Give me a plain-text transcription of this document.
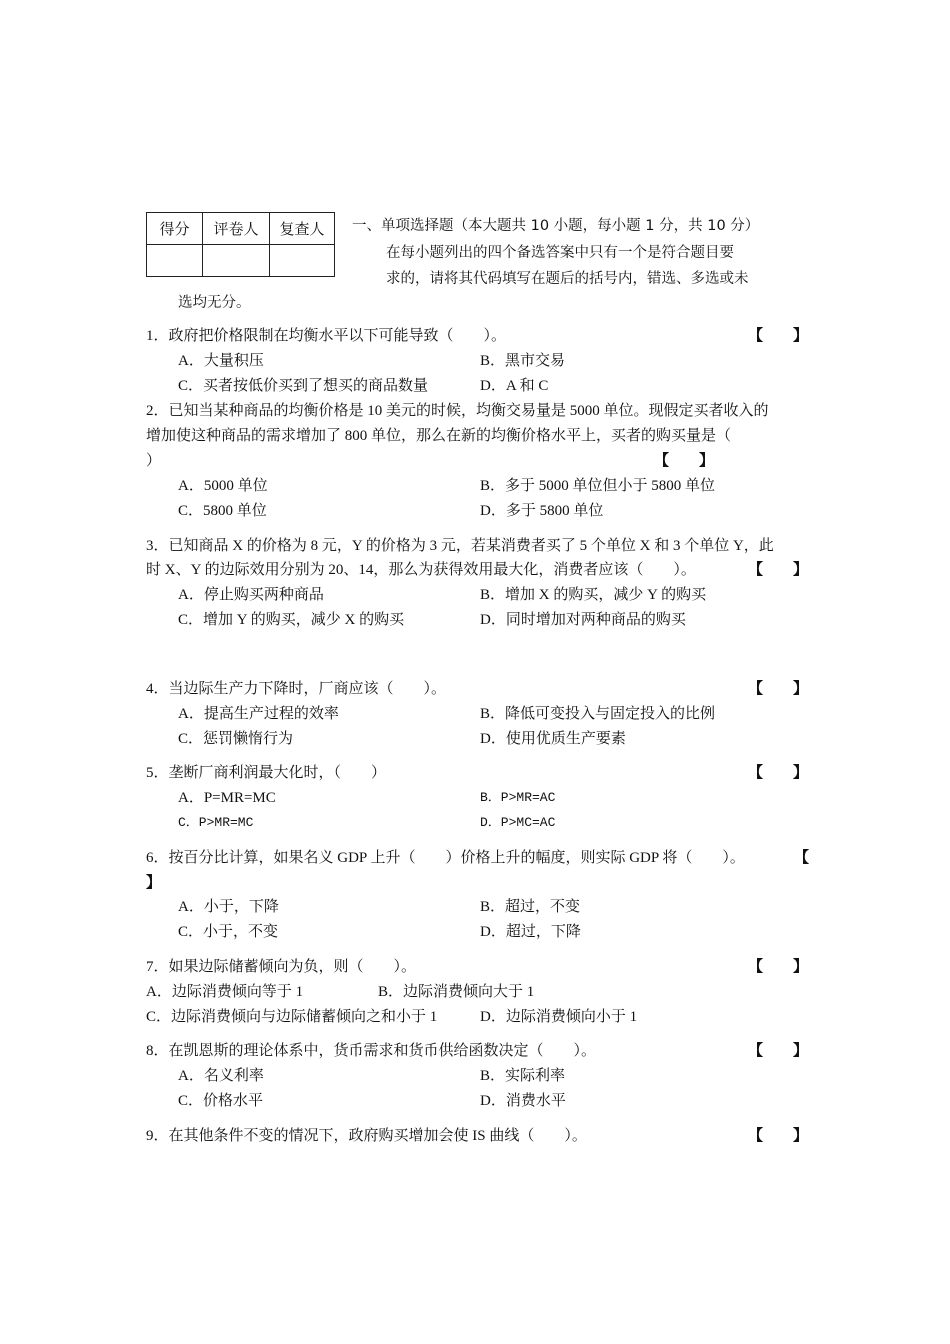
得分	评卷人	复查人
		一、单项选择题（本大题共 10 小题，每小题 1 分，共 10 分）
在每小题列出的四个备选答案中只有一个是符合题目要
求的，请将其代码填写在题后的括号内，错选、多选或未
选均无分。
1．政府把价格限制在均衡水平以下可能导致（　　）。	【　　】
A．大量积压	B．黑市交易
C．买者按低价买到了想买的商品数量	D．A 和 C
2．已知当某种商品的均衡价格是 10 美元的时候，均衡交易量是 5000 单位。现假定买者收入的
增加使这种商品的需求增加了 800 单位，那么在新的均衡价格水平上，买者的购买量是（
）	【　　】
A．5000 单位	B．多于 5000 单位但小于 5800 单位
C．5800 单位	D．多于 5800 单位
3．已知商品 X 的价格为 8 元，Y 的价格为 3 元，若某消费者买了 5 个单位 X 和 3 个单位 Y，此
时 X、Y 的边际效用分别为 20、14，那么为获得效用最大化，消费者应该（　　）。	【　　】
A．停止购买两种商品	B．增加 X 的购买，减少 Y 的购买
C．增加 Y 的购买，减少 X 的购买	D．同时增加对两种商品的购买
4．当边际生产力下降时，厂商应该（　　）。	【　　】
A．提高生产过程的效率	B．降低可变投入与固定投入的比例
C．惩罚懒惰行为	D．使用优质生产要素
5．垄断厂商利润最大化时，（　　）	【　　】
A．P=MR=MC	B．P>MR=AC
C．P>MR=MC	D．P>MC=AC
6．按百分比计算，如果名义 GDP 上升（　　）价格上升的幅度，则实际 GDP 将（　　）。	【
】
A．小于，下降	B．超过，不变
C．小于，不变	D．超过，下降
7．如果边际储蓄倾向为负，则（　　）。	【　　】
A．边际消费倾向等于 1	B．边际消费倾向大于 1
C．边际消费倾向与边际储蓄倾向之和小于 1	D．边际消费倾向小于 1
8．在凯恩斯的理论体系中，货币需求和货币供给函数决定（　　）。	【　　】
A．名义利率	B．实际利率
C．价格水平	D．消费水平
9．在其他条件不变的情况下，政府购买增加会使 IS 曲线（　　）。	【　　】
